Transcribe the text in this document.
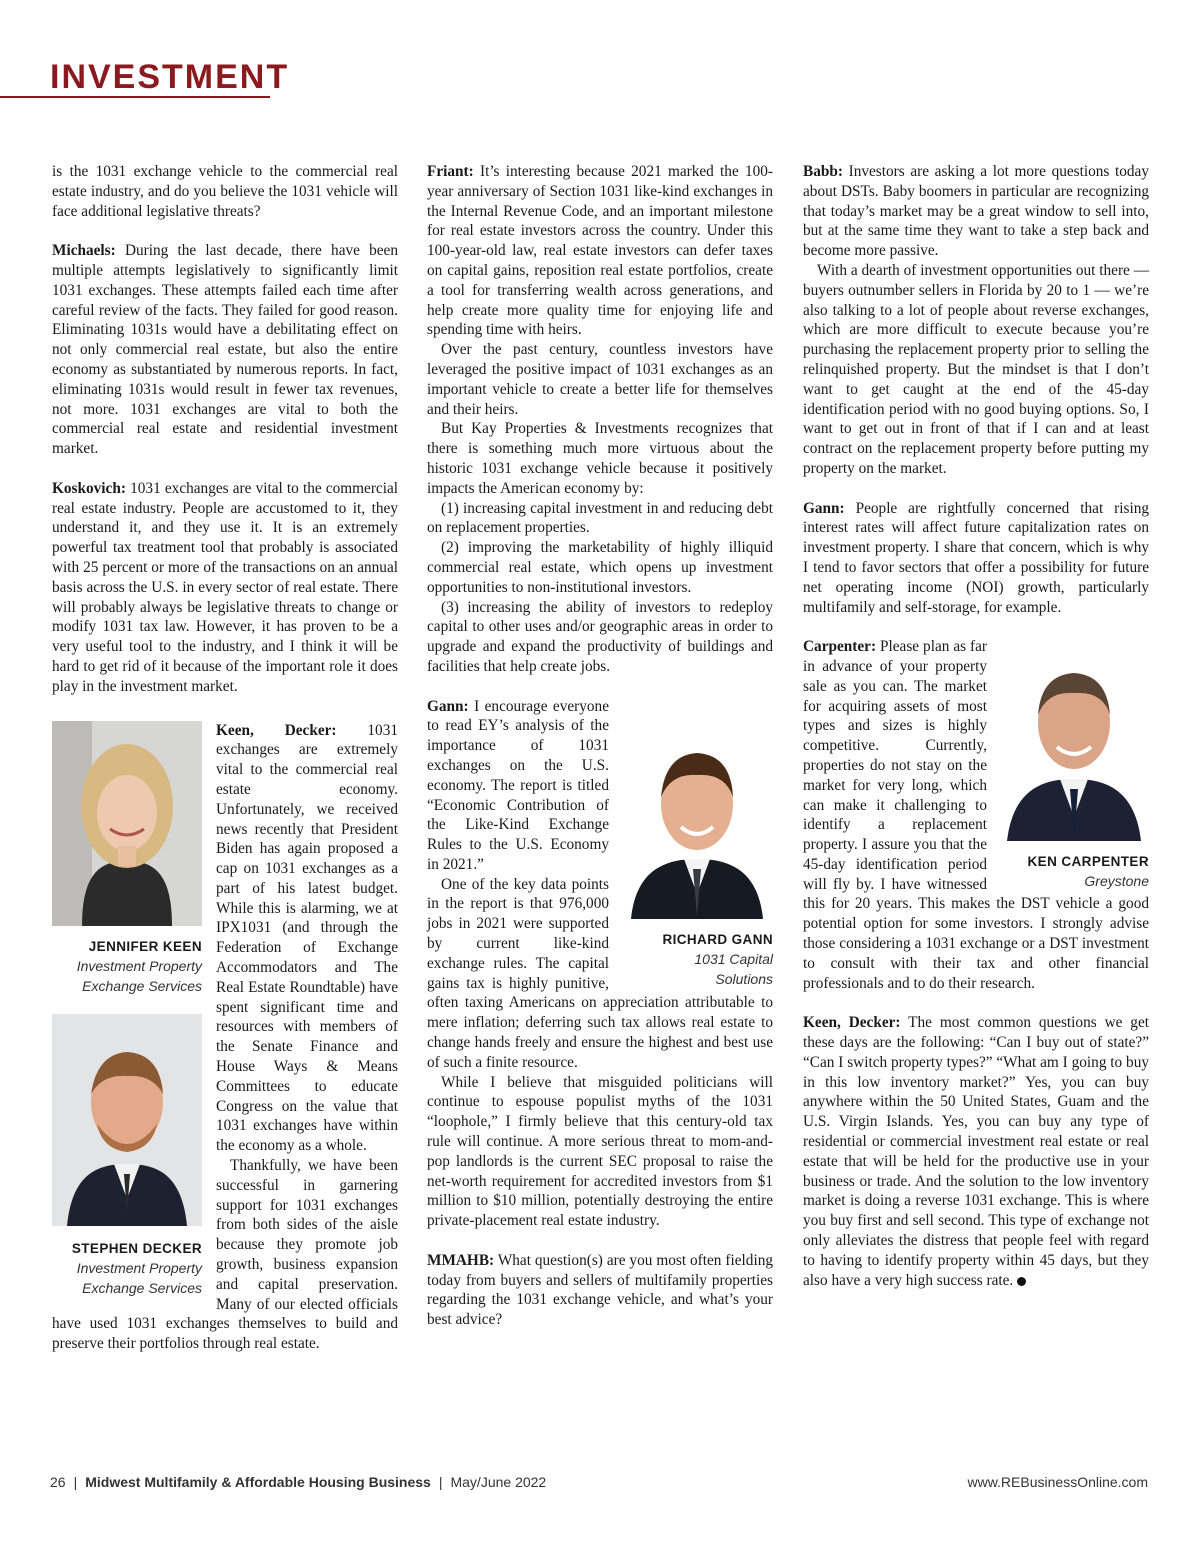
INVESTMENT

is the 1031 exchange vehicle to the commercial real estate industry, and do you believe the 1031 vehicle will face additional legislative threats?

Michaels: During the last decade, there have been multiple attempts legislatively to significantly limit 1031 exchanges. These attempts failed each time after careful review of the facts. They failed for good reason. Eliminating 1031s would have a debilitating effect on not only commercial real estate, but also the entire economy as substantiated by numerous reports. In fact, eliminating 1031s would result in fewer tax revenues, not more. 1031 exchanges are vital to both the commercial real estate and residential investment market.

Koskovich: 1031 exchanges are vital to the commercial real estate industry. People are accustomed to it, they understand it, and they use it. It is an extremely powerful tax treatment tool that probably is associated with 25 percent or more of the transactions on an annual basis across the U.S. in every sector of real estate. There will probably always be legislative threats to change or modify 1031 tax law. However, it has proven to be a very useful tool to the industry, and I think it will be hard to get rid of it because of the important role it does play in the investment market.

JENNIFER KEEN
Investment Property
Exchange Services
STEPHEN DECKER
Investment Property
Exchange Services

Keen, Decker: 1031 exchanges are extremely vital to the commercial real estate economy. Unfortunately, we received news recently that President Biden has again proposed a cap on 1031 exchanges as a part of his latest budget. While this is alarming, we at IPX1031 (and through the Federation of Exchange Accommodators and The Real Estate Roundtable) have spent significant time and resources with members of the Senate Finance and House Ways & Means Committees to educate Congress on the value that 1031 exchanges have within the economy as a whole.

Thankfully, we have been successful in garnering support for 1031 exchanges from both sides of the aisle because they promote job growth, business expansion and capital preservation. Many of our elected officials have used 1031 exchanges themselves to build and preserve their portfolios through real estate.

Friant: It’s interesting because 2021 marked the 100-year anniversary of Section 1031 like-kind exchanges in the Internal Revenue Code, and an important milestone for real estate investors across the country. Under this 100-year-old law, real estate investors can defer taxes on capital gains, reposition real estate portfolios, create a tool for transferring wealth across generations, and help create more quality time for enjoying life and spending time with heirs.

Over the past century, countless investors have leveraged the positive impact of 1031 exchanges as an important vehicle to create a better life for themselves and their heirs.

But Kay Properties & Investments recognizes that there is something much more virtuous about the historic 1031 exchange vehicle because it positively impacts the American economy by:

(1) increasing capital investment in and reducing debt on replacement properties.

(2) improving the marketability of highly illiquid commercial real estate, which opens up investment opportunities to non-institutional investors.

(3) increasing the ability of investors to redeploy capital to other uses and/or geographic areas in order to upgrade and expand the productivity of buildings and facilities that help create jobs.

RICHARD GANN
1031 Capital
Solutions

Gann: I encourage everyone to read EY’s analysis of the importance of 1031 exchanges on the U.S. economy. The report is titled “Economic Contribution of the Like-Kind Exchange Rules to the U.S. Economy in 2021.”

One of the key data points in the report is that 976,000 jobs in 2021 were supported by current like-kind exchange rules. The capital gains tax is highly punitive, often taxing Americans on appreciation attributable to mere inflation; deferring such tax allows real estate to change hands freely and ensure the highest and best use of such a finite resource.

While I believe that misguided politicians will continue to espouse populist myths of the 1031 “loophole,” I firmly believe that this century-old tax rule will continue. A more serious threat to mom-and-pop landlords is the current SEC proposal to raise the net-worth requirement for accredited investors from $1 million to $10 million, potentially destroying the entire private-placement real estate industry.

MMAHB: What question(s) are you most often fielding today from buyers and sellers of multifamily properties regarding the 1031 exchange vehicle, and what’s your best advice?

Babb: Investors are asking a lot more questions today about DSTs. Baby boomers in particular are recognizing that today’s market may be a great window to sell into, but at the same time they want to take a step back and become more passive.

With a dearth of investment opportunities out there — buyers outnumber sellers in Florida by 20 to 1 — we’re also talking to a lot of people about reverse exchanges, which are more difficult to execute because you’re purchasing the replacement property prior to selling the relinquished property. But the mindset is that I don’t want to get caught at the end of the 45-day identification period with no good buying options. So, I want to get out in front of that if I can and at least contract on the replacement property before putting my property on the market.

Gann: People are rightfully concerned that rising interest rates will affect future capitalization rates on investment property. I share that concern, which is why I tend to favor sectors that offer a possibility for future net operating income (NOI) growth, particularly multifamily and self-storage, for example.

KEN CARPENTER
Greystone

Carpenter: Please plan as far in advance of your property sale as you can. The market for acquiring assets of most types and sizes is highly competitive. Currently, properties do not stay on the market for very long, which can make it challenging to identify a replacement property. I assure you that the 45-day identification period will fly by. I have witnessed this for 20 years. This makes the DST vehicle a good potential option for some investors. I strongly advise those considering a 1031 exchange or a DST investment to consult with their tax and other financial professionals and to do their research.

Keen, Decker: The most common questions we get these days are the following: “Can I buy out of state?” “Can I switch property types?” “What am I going to buy in this low inventory market?” Yes, you can buy anywhere within the 50 United States, Guam and the U.S. Virgin Islands. Yes, you can buy any type of residential or commercial investment real estate or real estate that will be held for the productive use in your business or trade. And the solution to the low inventory market is doing a reverse 1031 exchange. This is where you buy first and sell second. This type of exchange not only alleviates the distress that people feel with regard to having to identify property within 45 days, but they also have a very high success rate.

26 | Midwest Multifamily & Affordable Housing Business | May/June 2022	www.REBusinessOnline.com
